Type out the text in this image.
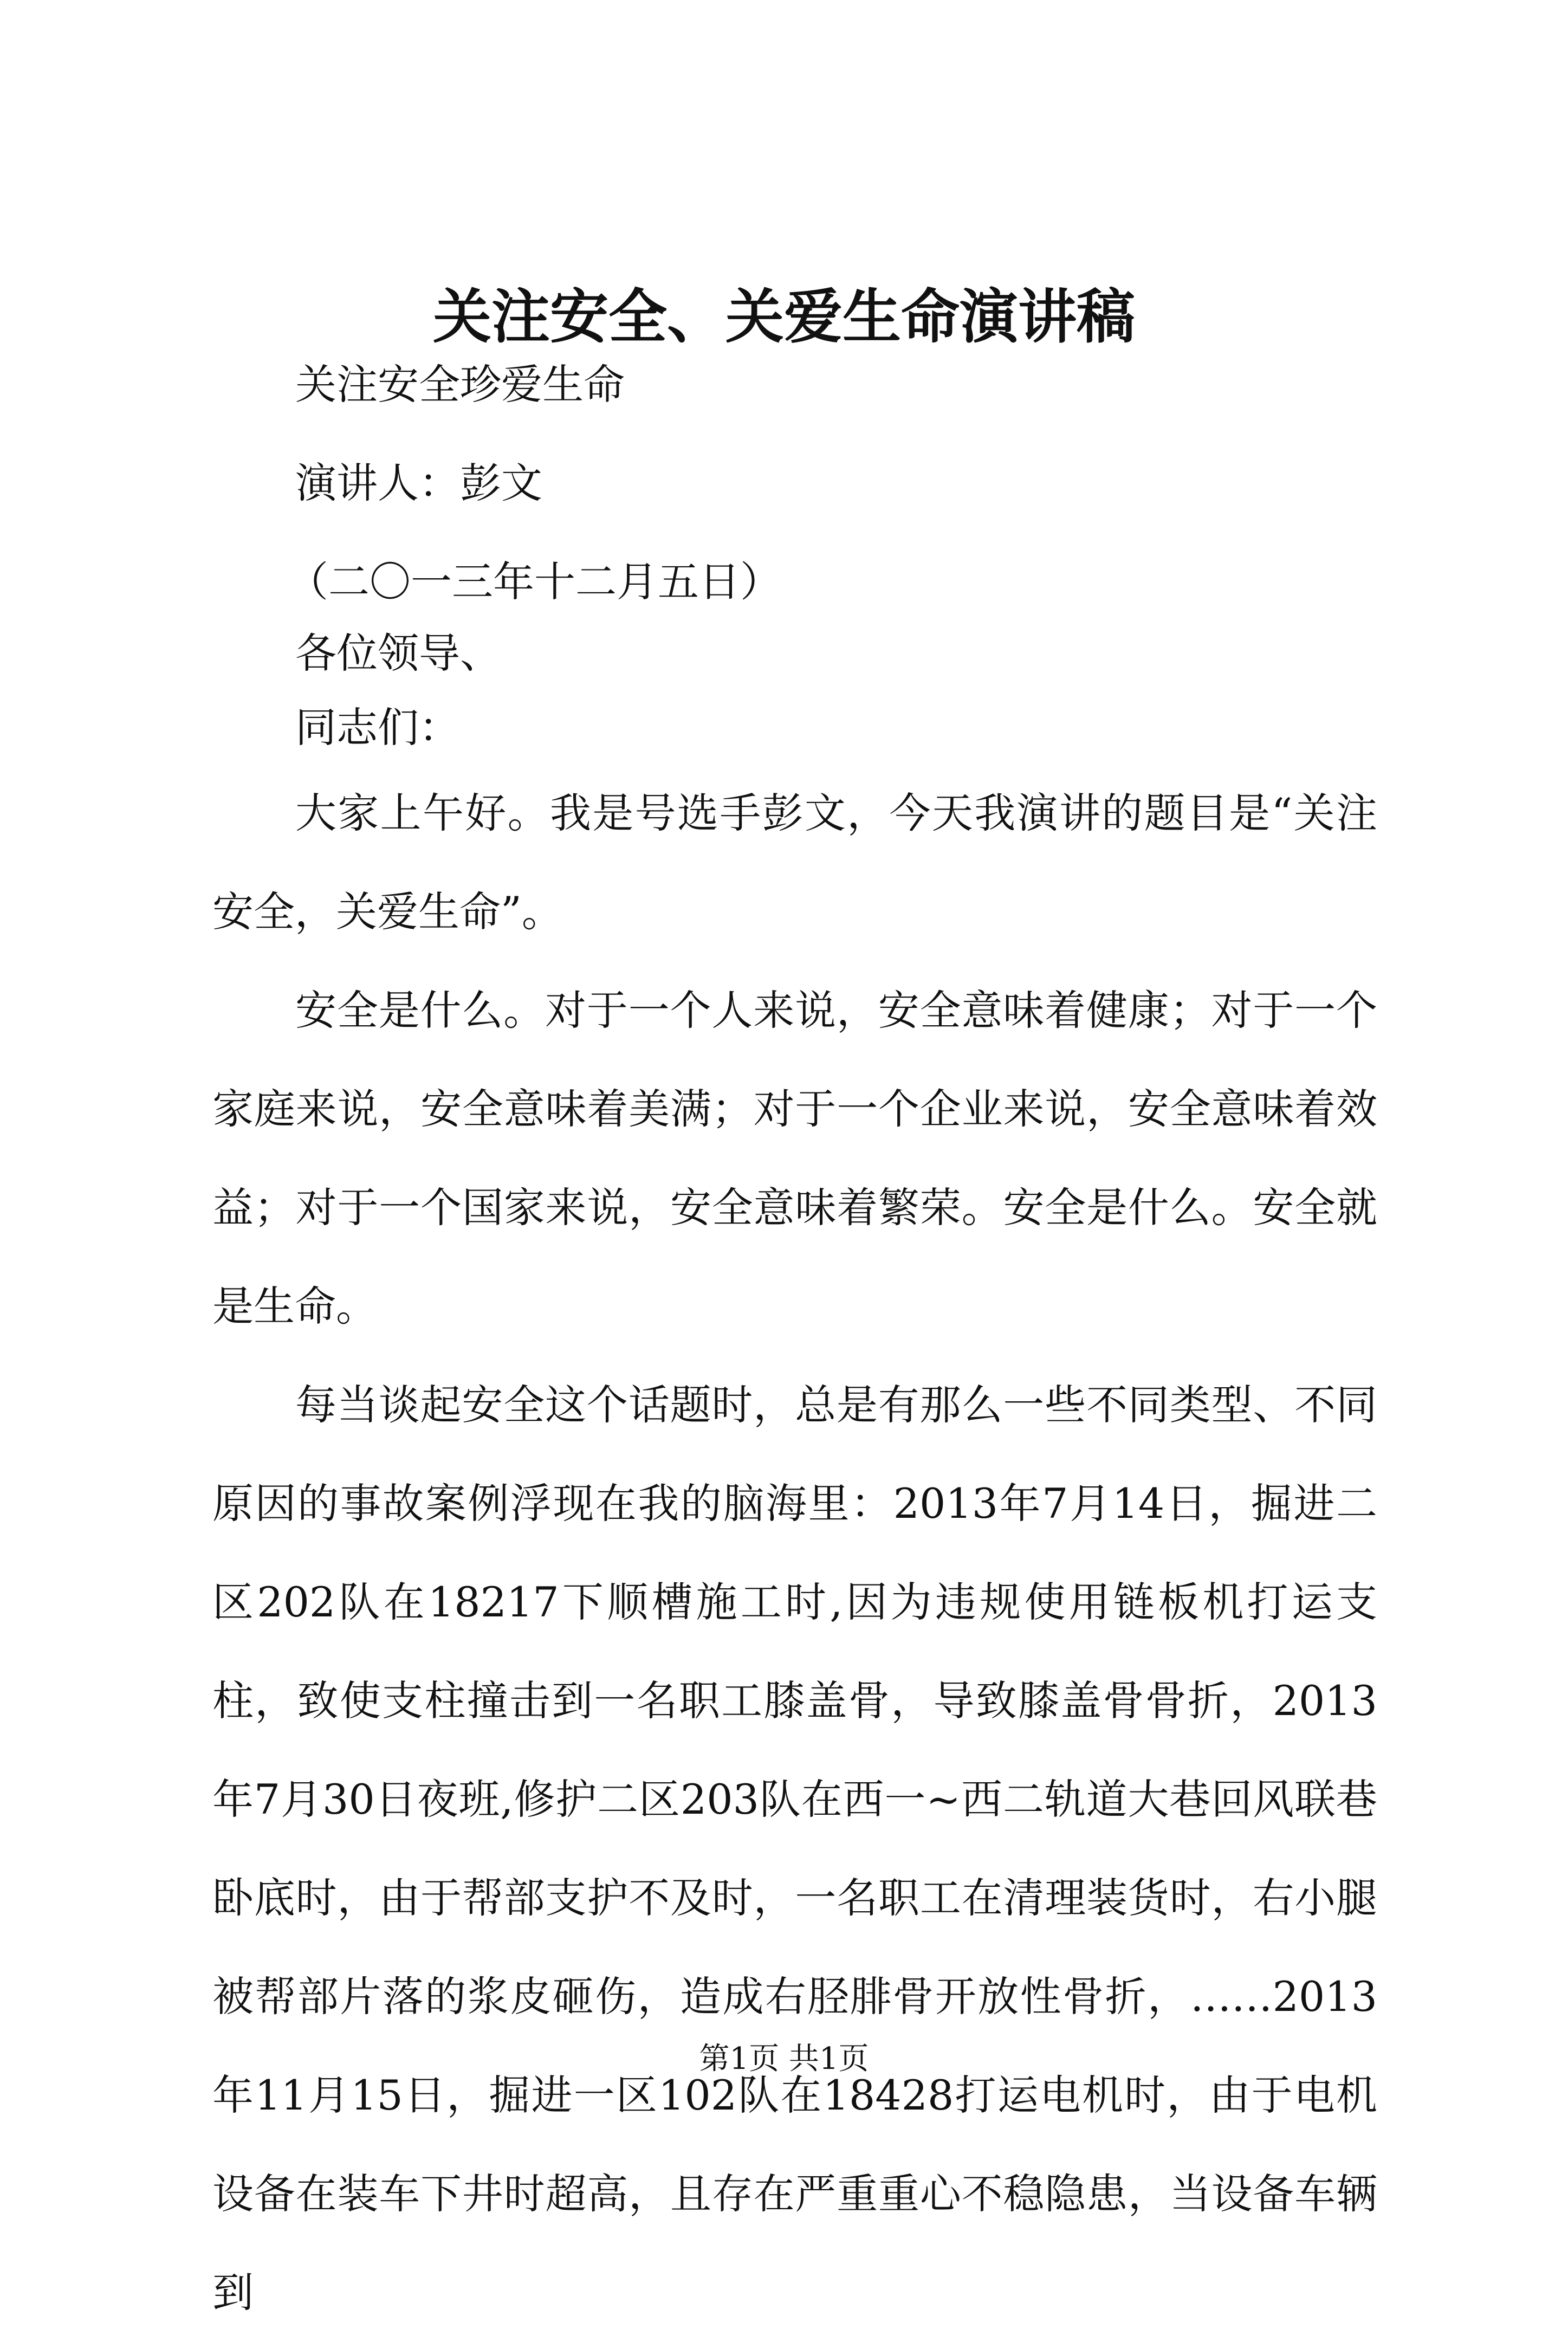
关注安全、关爱生命演讲稿
关注安全珍爱生命
演讲人：彭文
（二〇一三年十二月五日）
各位领导、
同志们：

大家上午好。我是号选手彭文，今天我演讲的题目是“关注安全，关爱生命”。

安全是什么。对于一个人来说，安全意味着健康；对于一个家庭来说，安全意味着美满；对于一个企业来说，安全意味着效益；对于一个国家来说，安全意味着繁荣。安全是什么。安全就是生命。

每当谈起安全这个话题时，总是有那么一些不同类型、不同原因的事故案例浮现在我的脑海里：2013年7月14日，掘进二区202队在18217下顺槽施工时,因为违规使用链板机打运支柱，致使支柱撞击到一名职工膝盖骨，导致膝盖骨骨折，2013年7月30日夜班,修护二区203队在西一~西二轨道大巷回风联巷卧底时，由于帮部支护不及时，一名职工在清理装货时，右小腿被帮部片落的浆皮砸伤，造成右胫腓骨开放性骨折，……2013年11月15日，掘进一区102队在18428打运电机时，由于电机设备在装车下井时超高，且存在严重重心不稳隐患，当设备车辆到

第1页 共1页
